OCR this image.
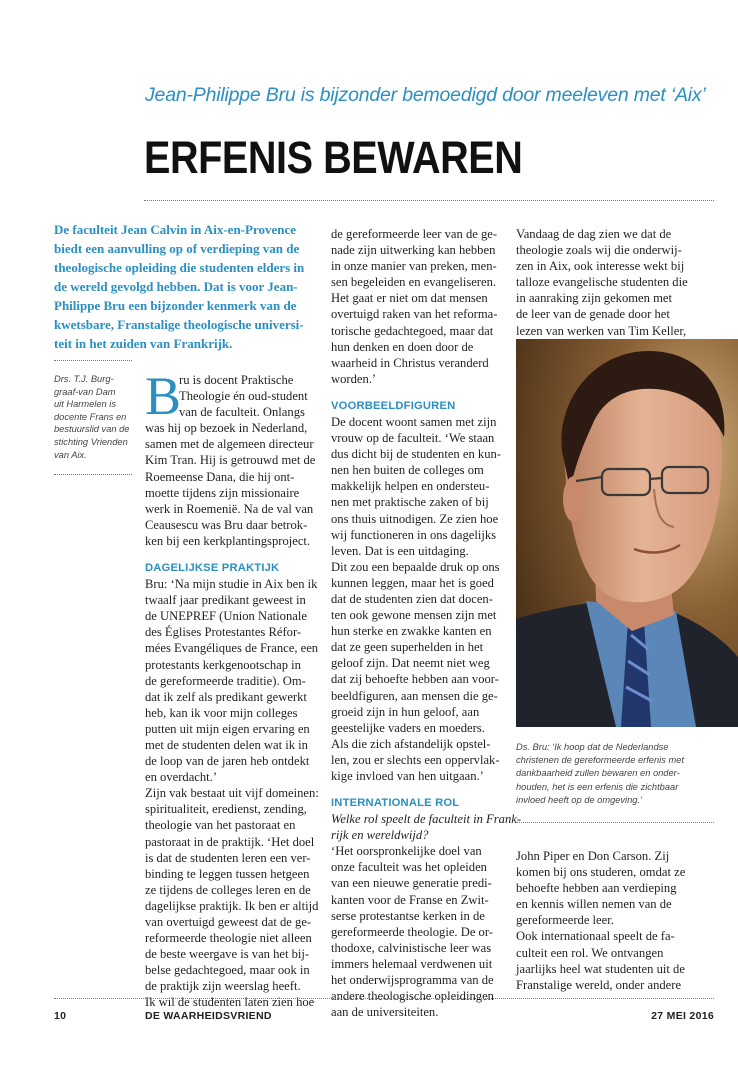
Jean-Philippe Bru is bijzonder bemoedigd door meeleven met ‘Aix’
ERFENIS BEWAREN

De faculteit Jean Calvin in Aix-en-Provence

biedt een aanvulling op of verdieping van de

theologische opleiding die studenten elders in

de wereld gevolgd hebben. Dat is voor Jean-

Philippe Bru een bijzonder kenmerk van de

kwetsbare, Franstalige theologische universi-

teit in het zuiden van Frankrijk.

Drs. T.J. Burg-

graaf-van Dam

uit Harmelen is

docente Frans en

bestuurslid van de

stichting Vrienden

van Aix.

B

ru is docent Praktische

Theologie én oud-student

van de faculteit. Onlangs

was hij op bezoek in Nederland,

samen met de algemeen directeur

Kim Tran. Hij is getrouwd met de

Roemeense Dana, die hij ont-

moette tijdens zijn missionaire

werk in Roemenië. Na de val van

Ceausescu was Bru daar betrok-

ken bij een kerkplantingsproject.

DAGELIJKSE PRAKTIJK

Bru: ‘Na mijn studie in Aix ben ik

twaalf jaar predikant geweest in

de UNEPREF (Union Nationale

des Églises Protestantes Réfor-

mées Evangéliques de France, een

protestants kerkgenootschap in

de gereformeerde traditie). Om-

dat ik zelf als predikant gewerkt

heb, kan ik voor mijn colleges

putten uit mijn eigen ervaring en

met de studenten delen wat ik in

de loop van de jaren heb ontdekt

en overdacht.’

Zijn vak bestaat uit vijf domeinen:

spiritualiteit, eredienst, zending,

theologie van het pastoraat en

pastoraat in de praktijk. ‘Het doel

is dat de studenten leren een ver-

binding te leggen tussen hetgeen

ze tijdens de colleges leren en de

dagelijkse praktijk. Ik ben er altijd

van overtuigd geweest dat de ge-

reformeerde theologie niet alleen

de beste weergave is van het bij-

belse gedachtegoed, maar ook in

de praktijk zijn weerslag heeft.

Ik wil de studenten laten zien hoe

de gereformeerde leer van de ge-

nade zijn uitwerking kan hebben

in onze manier van preken, men-

sen begeleiden en evangeliseren.

Het gaat er niet om dat mensen

overtuigd raken van het reforma-

torische gedachtegoed, maar dat

hun denken en doen door de

waarheid in Christus veranderd

worden.’

VOORBEELDFIGUREN

De docent woont samen met zijn

vrouw op de faculteit. ‘We staan

dus dicht bij de studenten en kun-

nen hen buiten de colleges om

makkelijk helpen en ondersteu-

nen met praktische zaken of bij

ons thuis uitnodigen. Ze zien hoe

wij functioneren in ons dagelijks

leven. Dat is een uitdaging.

Dit zou een bepaalde druk op ons

kunnen leggen, maar het is goed

dat de studenten zien dat docen-

ten ook gewone mensen zijn met

hun sterke en zwakke kanten en

dat ze geen superhelden in het

geloof zijn. Dat neemt niet weg

dat zij behoefte hebben aan voor-

beeldfiguren, aan mensen die ge-

groeid zijn in hun geloof, aan

geestelijke vaders en moeders.

Als die zich afstandelijk opstel-

len, zou er slechts een oppervlak-

kige invloed van hen uitgaan.’

INTERNATIONALE ROL

Welke rol speelt de faculteit in Frank-

rijk en wereldwijd?

‘Het oorspronkelijke doel van

onze faculteit was het opleiden

van een nieuwe generatie predi-

kanten voor de Franse en Zwit-

serse protestantse kerken in de

gereformeerde theologie. De or-

thodoxe, calvinistische leer was

immers helemaal verdwenen uit

het onderwijsprogramma van de

andere theologische opleidingen

aan de universiteiten.

Vandaag de dag zien we dat de

theologie zoals wij die onderwij-

zen in Aix, ook interesse wekt bij

talloze evangelische studenten die

in aanraking zijn gekomen met

de leer van de genade door het

lezen van werken van Tim Keller,

Ds. Bru: ‘Ik hoop dat de Nederlandse

christenen de gereformeerde erfenis met

dankbaarheid zullen bewaren en onder-

houden, het is een erfenis die zichtbaar

invloed heeft op de omgeving.’

John Piper en Don Carson. Zij

komen bij ons studeren, omdat ze

behoefte hebben aan verdieping

en kennis willen nemen van de

gereformeerde leer.

Ook internationaal speelt de fa-

culteit een rol. We ontvangen

jaarlijks heel wat studenten uit de

Franstalige wereld, onder andere

10	DE WAARHEIDSVRIEND	27 MEI 2016
